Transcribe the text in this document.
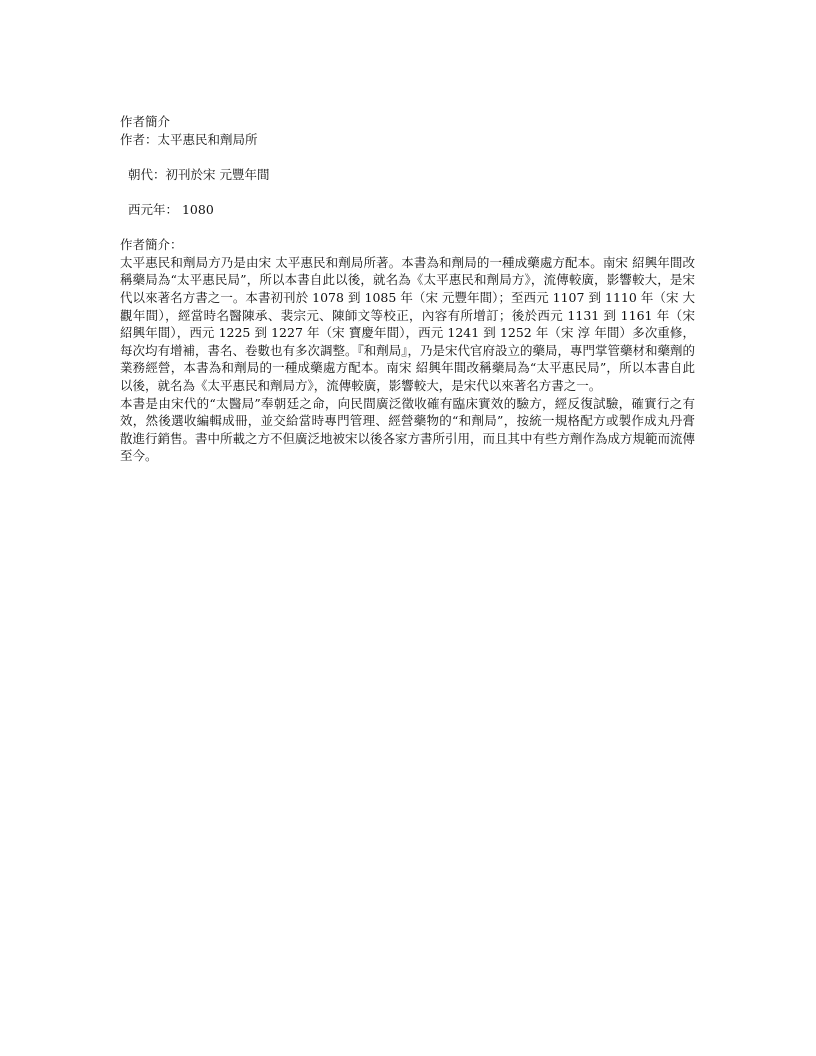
作者簡介
作者：太平惠民和劑局所
朝代：初刊於宋 元豐年間
西元年： 1080
作者簡介：

太平惠民和劑局方乃是由宋 太平惠民和劑局所著。本書為和劑局的一種成藥處方配本。南宋 紹興年間改稱藥局為“太平惠民局”，所以本書自此以後，就名為《太平惠民和劑局方》，流傳較廣，影響較大，是宋代以來著名方書之一。本書初刊於 1078 到 1085 年（宋 元豐年間）；至西元 1107 到 1110 年（宋 大觀年間），經當時名醫陳承、裴宗元、陳師文等校正，內容有所增訂；後於西元 1131 到 1161 年（宋 紹興年間），西元 1225 到 1227 年（宋 寶慶年間），西元 1241 到 1252 年（宋 淳 年間）多次重修，每次均有增補，書名、卷數也有多次調整。『和劑局』，乃是宋代官府設立的藥局，專門掌管藥材和藥劑的業務經營，本書為和劑局的一種成藥處方配本。南宋 紹興年間改稱藥局為“太平惠民局”，所以本書自此以後，就名為《太平惠民和劑局方》，流傳較廣，影響較大，是宋代以來著名方書之一。

本書是由宋代的“太醫局”奉朝廷之命，向民間廣泛徵收確有臨床實效的驗方，經反復試驗，確實行之有效，然後選收編輯成冊，並交給當時專門管理、經營藥物的“和劑局”，按統一規格配方或製作成丸丹膏散進行銷售。書中所載之方不但廣泛地被宋以後各家方書所引用，而且其中有些方劑作為成方規範而流傳至今。
